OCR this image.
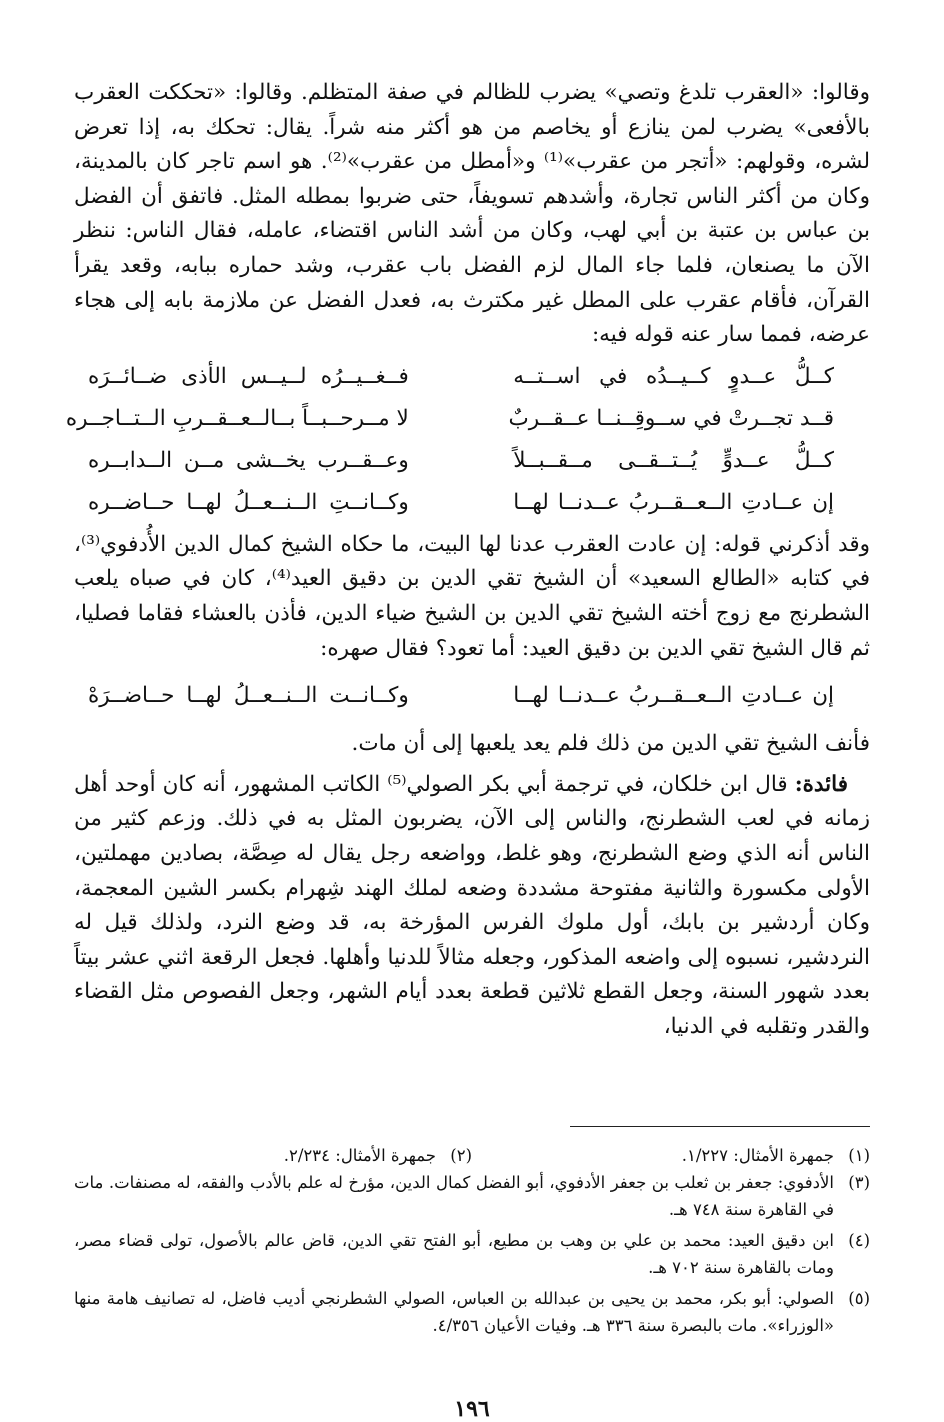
وقالوا: «العقرب تلدغ وتصي» يضرب للظالم في صفة المتظلم. وقالوا: «تحككت العقرب بالأفعى» يضرب لمن ينازع أو يخاصم من هو أكثر منه شراً. يقال: تحكك به، إذا تعرض لشره، وقولهم: «أتجر من عقرب»⁽¹⁾ و«أمطل من عقرب»⁽²⁾. هو اسم تاجر كان بالمدينة، وكان من أكثر الناس تجارة، وأشدهم تسويفاً، حتى ضربوا بمطله المثل. فاتفق أن الفضل بن عباس بن عتبة بن أبي لهب، وكان من أشد الناس اقتضاء، عامله، فقال الناس: ننظر الآن ما يصنعان، فلما جاء المال لزم الفضل باب عقرب، وشد حماره ببابه، وقعد يقرأ القرآن، فأقام عقرب على المطل غير مكترث به، فعدل الفضل عن ملازمة بابه إلى هجاء عرضه، فمما سار عنه قوله فيه:

كــلُّ عــدوٍ كــيــدُه في اســتــه
فــغــيــرُه لــيــس الأذى ضــائــرَه
قــد تجــرتْ في ســوقِــنــا عــقــربٌ
لا مــرحــبــاً بــالــعــقــربِ الــتــاجــره
كــلُّ عــدوٍّ يُــتــقــى مــقــبــلاً
وعــقــرب يخــشى مــن الــدابــره
إن عــادتِ الــعــقــربُ عــدنــا لهــا
وكــانــتِ الــنــعــلُ لهــا حــاضــره

وقد أذكرني قوله: إن عادت العقرب عدنا لها البيت، ما حكاه الشيخ كمال الدين الأُدفوي⁽³⁾، في كتابه «الطالع السعيد» أن الشيخ تقي الدين بن دقيق العيد⁽⁴⁾، كان في صباه يلعب الشطرنج مع زوج أخته الشيخ تقي الدين بن الشيخ ضياء الدين، فأذن بالعشاء فقاما فصليا، ثم قال الشيخ تقي الدين بن دقيق العيد: أما تعود؟ فقال صهره:

إن عــادتِ الــعــقــربُ عــدنــا لهــا
وكــانــت الــنــعــلُ لهــا حــاضــرَهْ

فأنف الشيخ تقي الدين من ذلك فلم يعد يلعبها إلى أن مات.

فائدة: قال ابن خلكان، في ترجمة أبي بكر الصولي⁽⁵⁾ الكاتب المشهور، أنه كان أوحد أهل زمانه في لعب الشطرنج، والناس إلى الآن، يضربون المثل به في ذلك. وزعم كثير من الناس أنه الذي وضع الشطرنج، وهو غلط، وواضعه رجل يقال له صِصَّة، بصادين مهملتين، الأولى مكسورة والثانية مفتوحة مشددة وضعه لملك الهند شِهرام بكسر الشين المعجمة، وكان أردشير بن بابك، أول ملوك الفرس المؤرخة به، قد وضع النرد، ولذلك قيل له النردشير، نسبوه إلى واضعه المذكور، وجعله مثالاً للدنيا وأهلها. فجعل الرقعة اثني عشر بيتاً بعدد شهور السنة، وجعل القطع ثلاثين قطعة بعدد أيام الشهر، وجعل الفصوص مثل القضاء والقدر وتقلبه في الدنيا،

(١)
جمهرة الأمثال: ١/٢٢٧.
(٢)
جمهرة الأمثال: ٢/٢٣٤.
(٣)
الأدفوي: جعفر بن ثعلب بن جعفر الأدفوي، أبو الفضل كمال الدين، مؤرخ له علم بالأدب والفقه، له مصنفات. مات في القاهرة سنة ٧٤٨ هـ.
(٤)
ابن دقيق العيد: محمد بن علي بن وهب بن مطيع، أبو الفتح تقي الدين، قاض عالم بالأصول، تولى قضاء مصر، ومات بالقاهرة سنة ٧٠٢ هـ.
(٥)
الصولي: أبو بكر، محمد بن يحيى بن عبدالله بن العباس، الصولي الشطرنجي أديب فاضل، له تصانيف هامة منها «الوزراء». مات بالبصرة سنة ٣٣٦ هـ. وفيات الأعيان ٤/٣٥٦.
١٩٦
